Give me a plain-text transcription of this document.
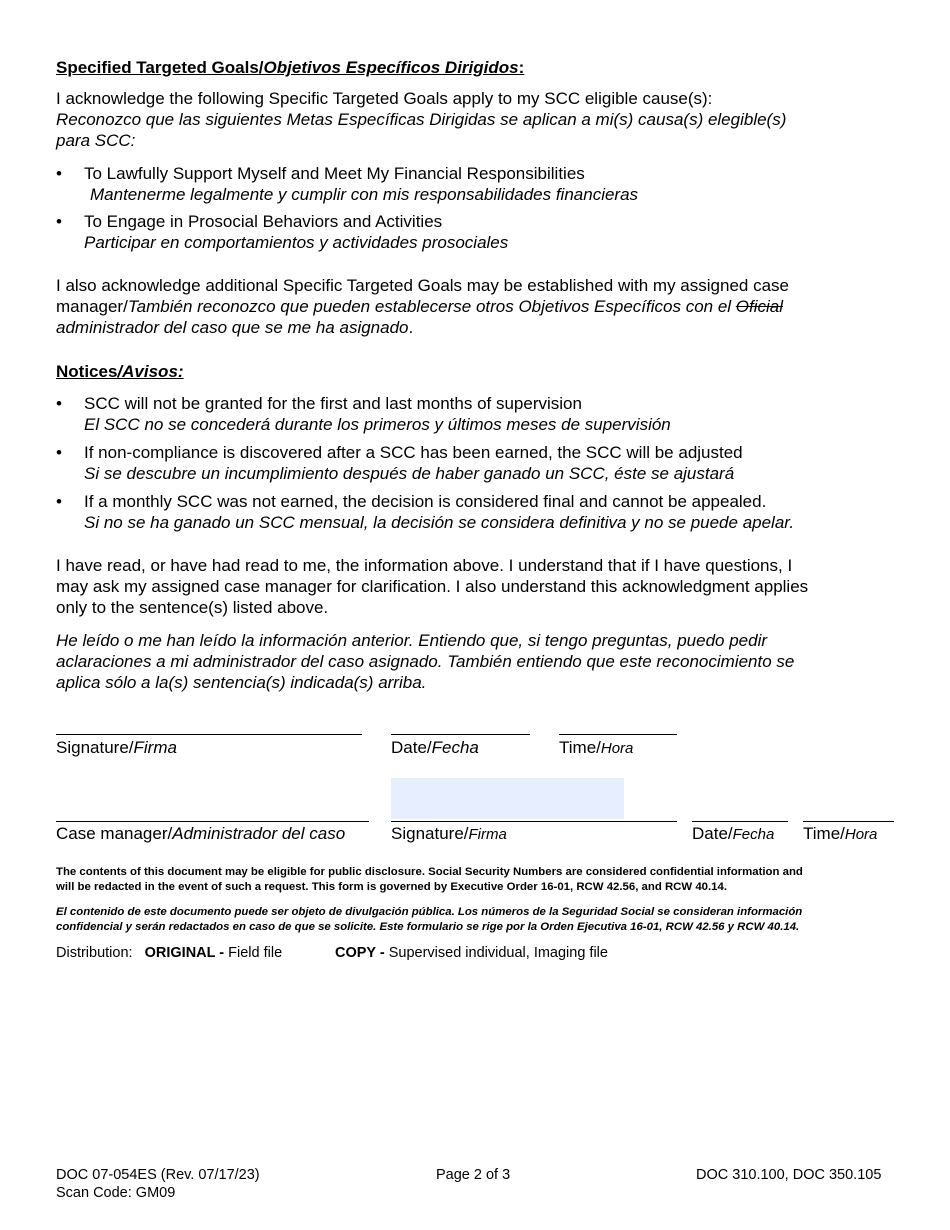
Specified Targeted Goals/Objetivos Específicos Dirigidos:
I acknowledge the following Specific Targeted Goals apply to my SCC eligible cause(s):
Reconozco que las siguientes Metas Específicas Dirigidas se aplican a mi(s) causa(s) elegible(s)
para SCC:
• To Lawfully Support Myself and Meet My Financial Responsibilities
Mantenerme legalmente y cumplir con mis responsabilidades financieras
• To Engage in Prosocial Behaviors and Activities
Participar en comportamientos y actividades prosociales
I also acknowledge additional Specific Targeted Goals may be established with my assigned case
manager/También reconozco que pueden establecerse otros Objetivos Específicos con el Oficial
administrador del caso que se me ha asignado.
Notices/Avisos:
• SCC will not be granted for the first and last months of supervision
El SCC no se concederá durante los primeros y últimos meses de supervisión
• If non-compliance is discovered after a SCC has been earned, the SCC will be adjusted
Si se descubre un incumplimiento después de haber ganado un SCC, éste se ajustará
• If a monthly SCC was not earned, the decision is considered final and cannot be appealed.
Si no se ha ganado un SCC mensual, la decisión se considera definitiva y no se puede apelar.
I have read, or have had read to me, the information above. I understand that if I have questions, I
may ask my assigned case manager for clarification. I also understand this acknowledgment applies
only to the sentence(s) listed above.
He leído o me han leído la información anterior. Entiendo que, si tengo preguntas, puedo pedir
aclaraciones a mi administrador del caso asignado. También entiendo que este reconocimiento se
aplica sólo a la(s) sentencia(s) indicada(s) arriba.
Signature/Firma	Date/Fecha	Time/Hora
Case manager/Administrador del caso	Signature/Firma	Date/Fecha Time/Hora
The contents of this document may be eligible for public disclosure. Social Security Numbers are considered confidential information and
will be redacted in the event of such a request. This form is governed by Executive Order 16-01, RCW 42.56, and RCW 40.14.
El contenido de este documento puede ser objeto de divulgación pública. Los números de la Seguridad Social se consideran información
confidencial y serán redactados en caso de que se solicite. Este formulario se rige por la Orden Ejecutiva 16-01, RCW 42.56 y RCW 40.14.
Distribution: ORIGINAL - Field file	COPY - Supervised individual, Imaging file
DOC 07-054ES (Rev. 07/17/23)
Scan Code: GM09
Page 2 of 3	DOC 310.100, DOC 350.105
